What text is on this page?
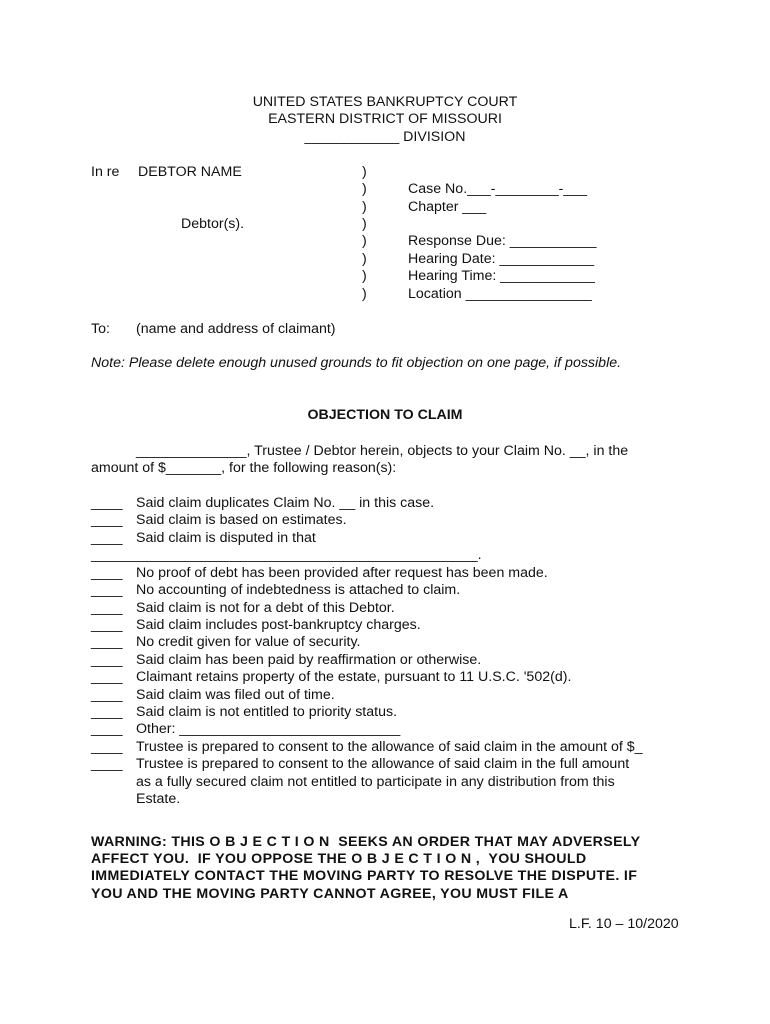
UNITED STATES BANKRUPTCY COURT
EASTERN DISTRICT OF MISSOURI
____________ DIVISION
In re DEBTOR NAME
Debtor(s).
)
)
)
)
)
)
)
)
Case No.___-________-___
Chapter ___
Response Due: ___________
Hearing Date: ____________
Hearing Time: ____________
Location ________________
To: (name and address of claimant)
Note: Please delete enough unused grounds to fit objection on one page, if possible.
OBJECTION TO CLAIM
______________, Trustee / Debtor herein, objects to your Claim No. __, in the
amount of $_______, for the following reason(s):
____ Said claim duplicates Claim No. __ in this case.
____ Said claim is based on estimates.
____ Said claim is disputed in that
_________________________________________________.
____ No proof of debt has been provided after request has been made.
____ No accounting of indebtedness is attached to claim.
____ Said claim is not for a debt of this Debtor.
____ Said claim includes post-bankruptcy charges.
____ No credit given for value of security.
____ Said claim has been paid by reaffirmation or otherwise.
____ Claimant retains property of the estate, pursuant to 11 U.S.C. '502(d).
____ Said claim was filed out of time.
____ Said claim is not entitled to priority status.
____ Other: ____________________________
____ Trustee is prepared to consent to the allowance of said claim in the amount of $_
____ Trustee is prepared to consent to the allowance of said claim in the full amount
as a fully secured claim not entitled to participate in any distribution from this
Estate.
WARNING: THIS O B J E C T I O N  SEEKS AN ORDER THAT MAY ADVERSELY
AFFECT YOU.  IF YOU OPPOSE THE O B J E C T I O N ,  YOU SHOULD
IMMEDIATELY CONTACT THE MOVING PARTY TO RESOLVE THE DISPUTE. IF
YOU AND THE MOVING PARTY CANNOT AGREE, YOU MUST FILE A
L.F. 10 – 10/2020
